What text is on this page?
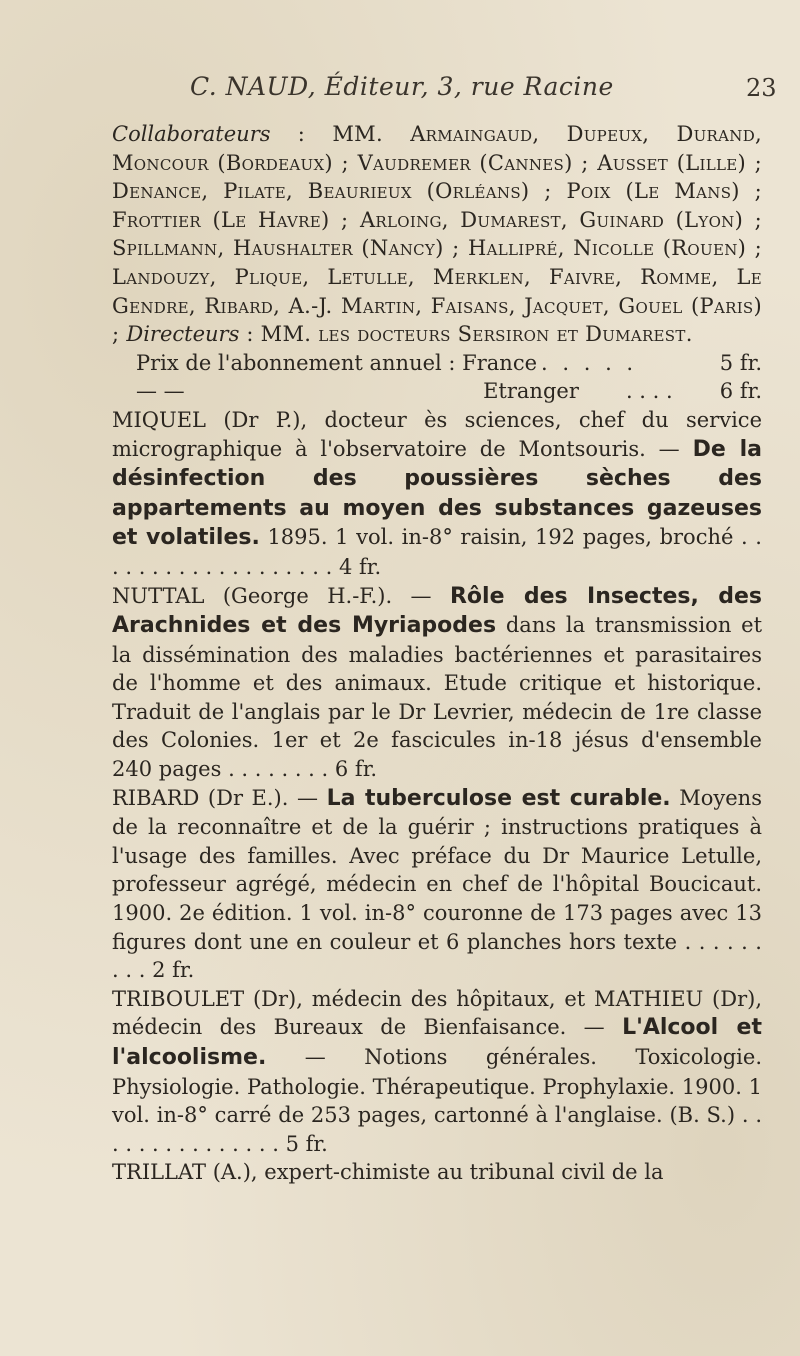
C. NAUD, Éditeur, 3, rue Racine	23

Collaborateurs : MM. Armaingaud, Dupeux, Durand, Moncour (Bordeaux) ; Vaudremer (Cannes) ; Ausset (Lille) ; Denance, Pilate, Beaurieux (Orléans) ; Poix (Le Mans) ; Frottier (Le Havre) ; Arloing, Dumarest, Guinard (Lyon) ; Spillmann, Haushalter (Nancy) ; Hallipré, Nicolle (Rouen) ; Landouzy, Plique, Letulle, Merklen, Faivre, Romme, Le Gendre, Ribard, A.-J. Martin, Faisans, Jacquet, Gouel (Paris) ; Directeurs : MM. les docteurs Sersiron et Dumarest.

Prix de l'abonnement annuel : France . . . . .	5 fr.
— —	Etranger . . . . 6 fr.

MIQUEL (Dr P.), docteur ès sciences, chef du service micrographique à l'observatoire de Montsouris. — De la désinfection des poussières sèches des appartements au moyen des substances gazeuses et volatiles. 1895. 1 vol. in-8° raisin, 192 pages, broché . . . . . . . . . . . . . . . . . . . 4 fr.

NUTTAL (George H.-F.). — Rôle des Insectes, des Arachnides et des Myriapodes dans la transmission et la dissémination des maladies bactériennes et parasitaires de l'homme et des animaux. Etude critique et historique. Traduit de l'anglais par le Dr Levrier, médecin de 1re classe des Colonies. 1er et 2e fascicules in-18 jésus d'ensemble 240 pages . . . . . . . . 6 fr.

RIBARD (Dr E.). — La tuberculose est curable. Moyens de la reconnaître et de la guérir ; instructions pratiques à l'usage des familles. Avec préface du Dr Maurice Letulle, professeur agrégé, médecin en chef de l'hôpital Boucicaut. 1900. 2e édition. 1 vol. in-8° couronne de 173 pages avec 13 figures dont une en couleur et 6 planches hors texte . . . . . . . . . 2 fr.

TRIBOULET (Dr), médecin des hôpitaux, et MATHIEU (Dr), médecin des Bureaux de Bienfaisance. — L'Alcool et l'alcoolisme. — Notions générales. Toxicologie. Physiologie. Pathologie. Thérapeutique. Prophylaxie. 1900. 1 vol. in-8° carré de 253 pages, cartonné à l'anglaise. (B. S.) . . . . . . . . . . . . . . . 5 fr.

TRILLAT (A.), expert-chimiste au tribunal civil de la
